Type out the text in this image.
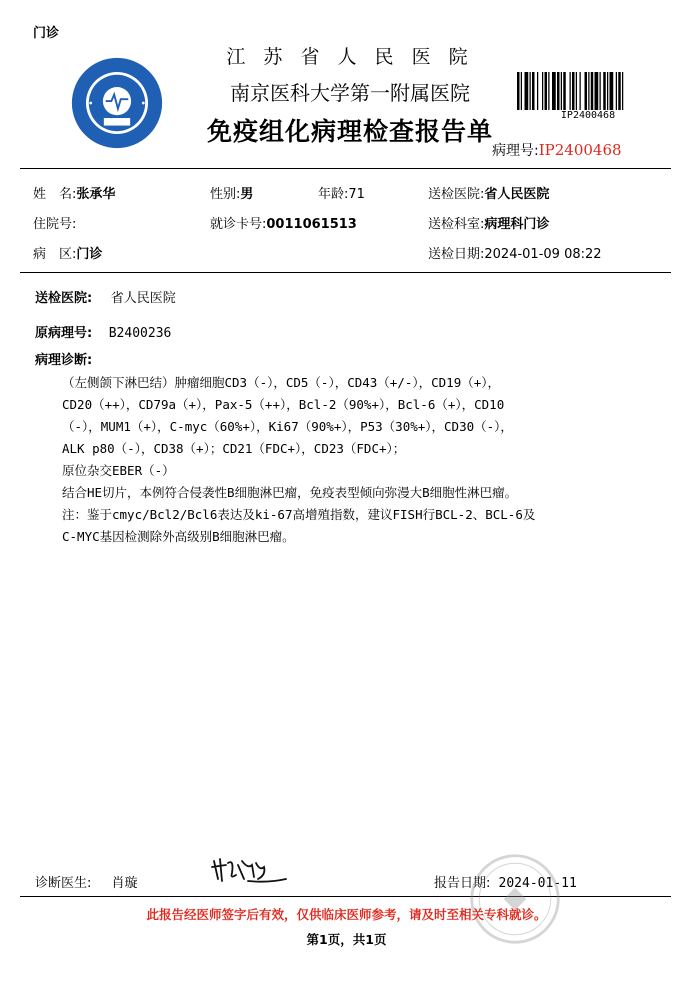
门诊
江 苏 省 人 民 医 院
南京医科大学第一附属医院
免疫组化病理检查报告单
IP2400468
病理号:IP2400468
姓　名:张承华	性别:男	年龄:71	送检医院:省人民医院
住院号:	就诊卡号:0011061513	送检科室:病理科门诊
病　区:门诊	送检日期:2024-01-09 08:22
送检医院: 省人民医院
原病理号: B2400236
病理诊断:

（左侧颌下淋巴结）肿瘤细胞CD3（-），CD5（-），CD43（+/-），CD19（+），

CD20（++），CD79a（+），Pax-5（++），Bcl-2（90%+），Bcl-6（+），CD10

（-），MUM1（+），C-myc（60%+），Ki67（90%+），P53（30%+），CD30（-），

ALK p80（-），CD38（+）；CD21（FDC+），CD23（FDC+）；

原位杂交EBER（-）

结合HE切片，本例符合侵袭性B细胞淋巴瘤，免疫表型倾向弥漫大B细胞性淋巴瘤。

注：鉴于cmyc/Bcl2/Bcl6表达及ki-67高增殖指数，建议FISH行BCL-2、BCL-6及

C-MYC基因检测除外高级别B细胞淋巴瘤。

诊断医生: 肖璇	报告日期: 2024-01-11
此报告经医师签字后有效，仅供临床医师参考，请及时至相关专科就诊。
第1页，共1页
